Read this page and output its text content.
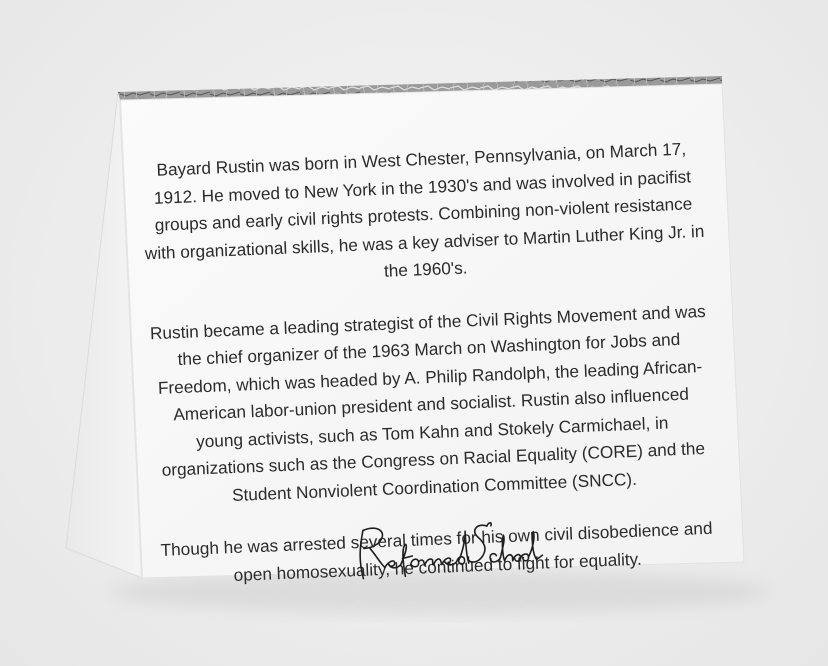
Bayard Rustin was born in West Chester, Pennsylvania, on March 17, 1912. He moved to New York in the 1930's and was involved in pacifist groups and early civil rights protests. Combining non-violent resistance with organizational skills, he was a key adviser to Martin Luther King Jr. in the 1960's.

Rustin became a leading strategist of the Civil Rights Movement and was the chief organizer of the 1963 March on Washington for Jobs and Freedom, which was headed by A. Philip Randolph, the leading African-American labor-union president and socialist. Rustin also influenced young activists, such as Tom Kahn and Stokely Carmichael, in organizations such as the Congress on Racial Equality (CORE) and the Student Nonviolent Coordination Committee (SNCC).

Though he was arrested several times for his own civil disobedience and open homosexuality, he continued to fight for equality.
